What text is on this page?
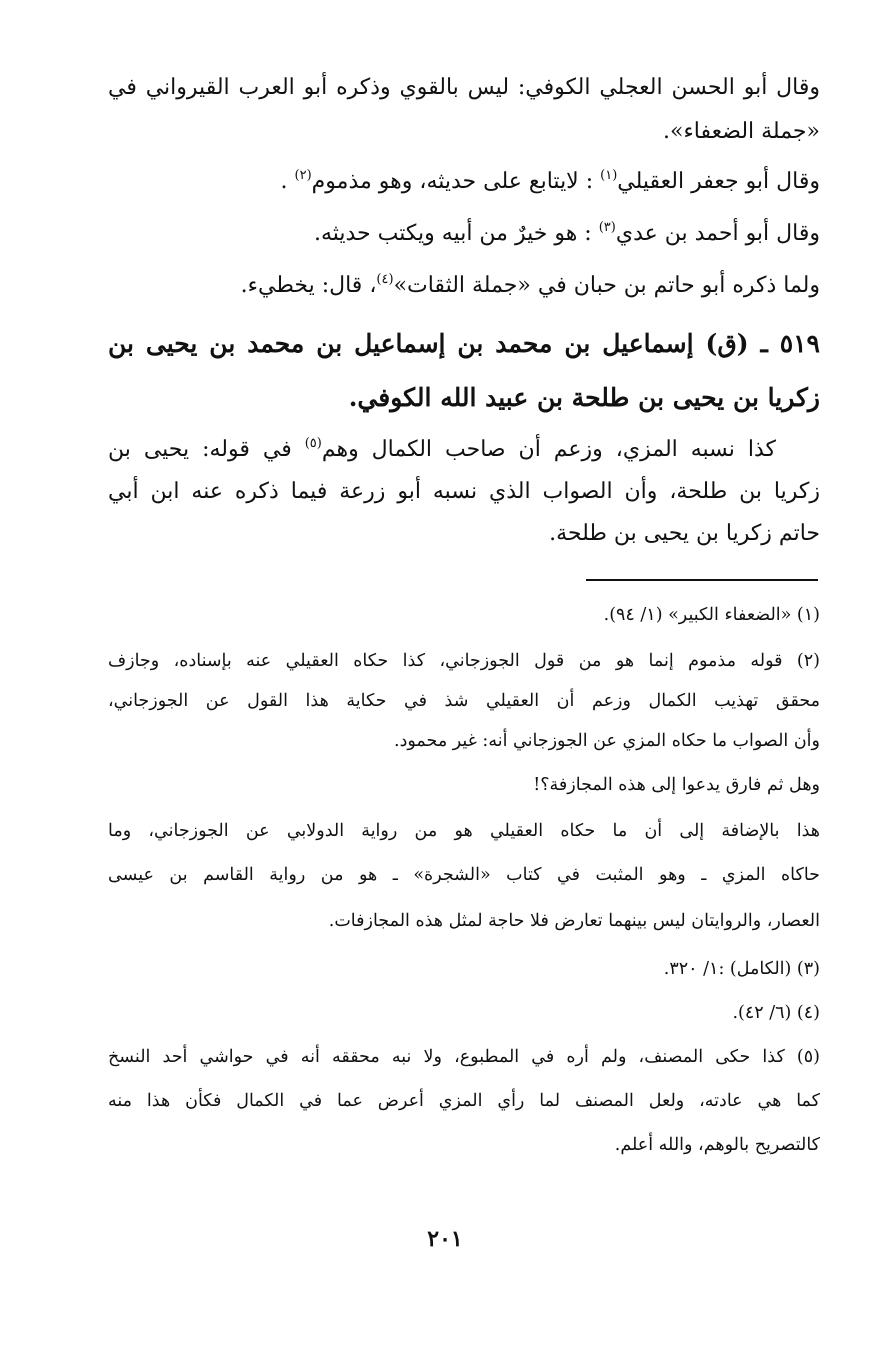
وقال أبو الحسن العجلي الكوفي: ليس بالقوي وذكره أبو العرب القيرواني في
«جملة الضعفاء».
وقال أبو جعفر العقيلي$^{(١)}$ : لايتابع على حديثه، وهو مذموم$^{(٢)}$ .
وقال أبو أحمد بن عدي$^{(٣)}$ : هو خيرٌ من أبيه ويكتب حديثه.
ولما ذكره أبو حاتم بن حبان في «جملة الثقات»$^{(٤)}$، قال: يخطيء.
٥١٩ ـ (ق) إسماعيل بن محمد بن إسماعيل بن محمد بن يحيى بن
زكريا بن يحيى بن طلحة بن عبيد الله الكوفي.
كذا نسبه المزي، وزعم أن صاحب الكمال وهم$^{(٥)}$ في قوله: يحيى بن
زكريا بن طلحة، وأن الصواب الذي نسبه أبو زرعة فيما ذكره عنه ابن أبي
حاتم زكريا بن يحيى بن طلحة.
(١) «الضعفاء الكبير» (١/ ٩٤).
(٢) قوله مذموم إنما هو من قول الجوزجاني، كذا حكاه العقيلي عنه بإسناده، وجازف
محقق تهذيب الكمال وزعم أن العقيلي شذ في حكاية هذا القول عن الجوزجاني،
وأن الصواب ما حكاه المزي عن الجوزجاني أنه: غير محمود.
وهل ثم فارق يدعوا إلى هذه المجازفة؟!
هذا بالإضافة إلى أن ما حكاه العقيلي هو من رواية الدولابي عن الجوزجاني، وما
حاكاه المزي ـ وهو المثبت في كتاب «الشجرة» ـ هو من رواية القاسم بن عيسى
العصار، والروايتان ليس بينهما تعارض فلا حاجة لمثل هذه المجازفات.
(٣) (الكامل) :١/ ٣٢٠.
(٤) (٦/ ٤٢).
(٥) كذا حكى المصنف، ولم أره في المطبوع، ولا نبه محققه أنه في حواشي أحد النسخ
كما هي عادته، ولعل المصنف لما رأي المزي أعرض عما في الكمال فكأن هذا منه
كالتصريح بالوهم، والله أعلم.
٢٠١
